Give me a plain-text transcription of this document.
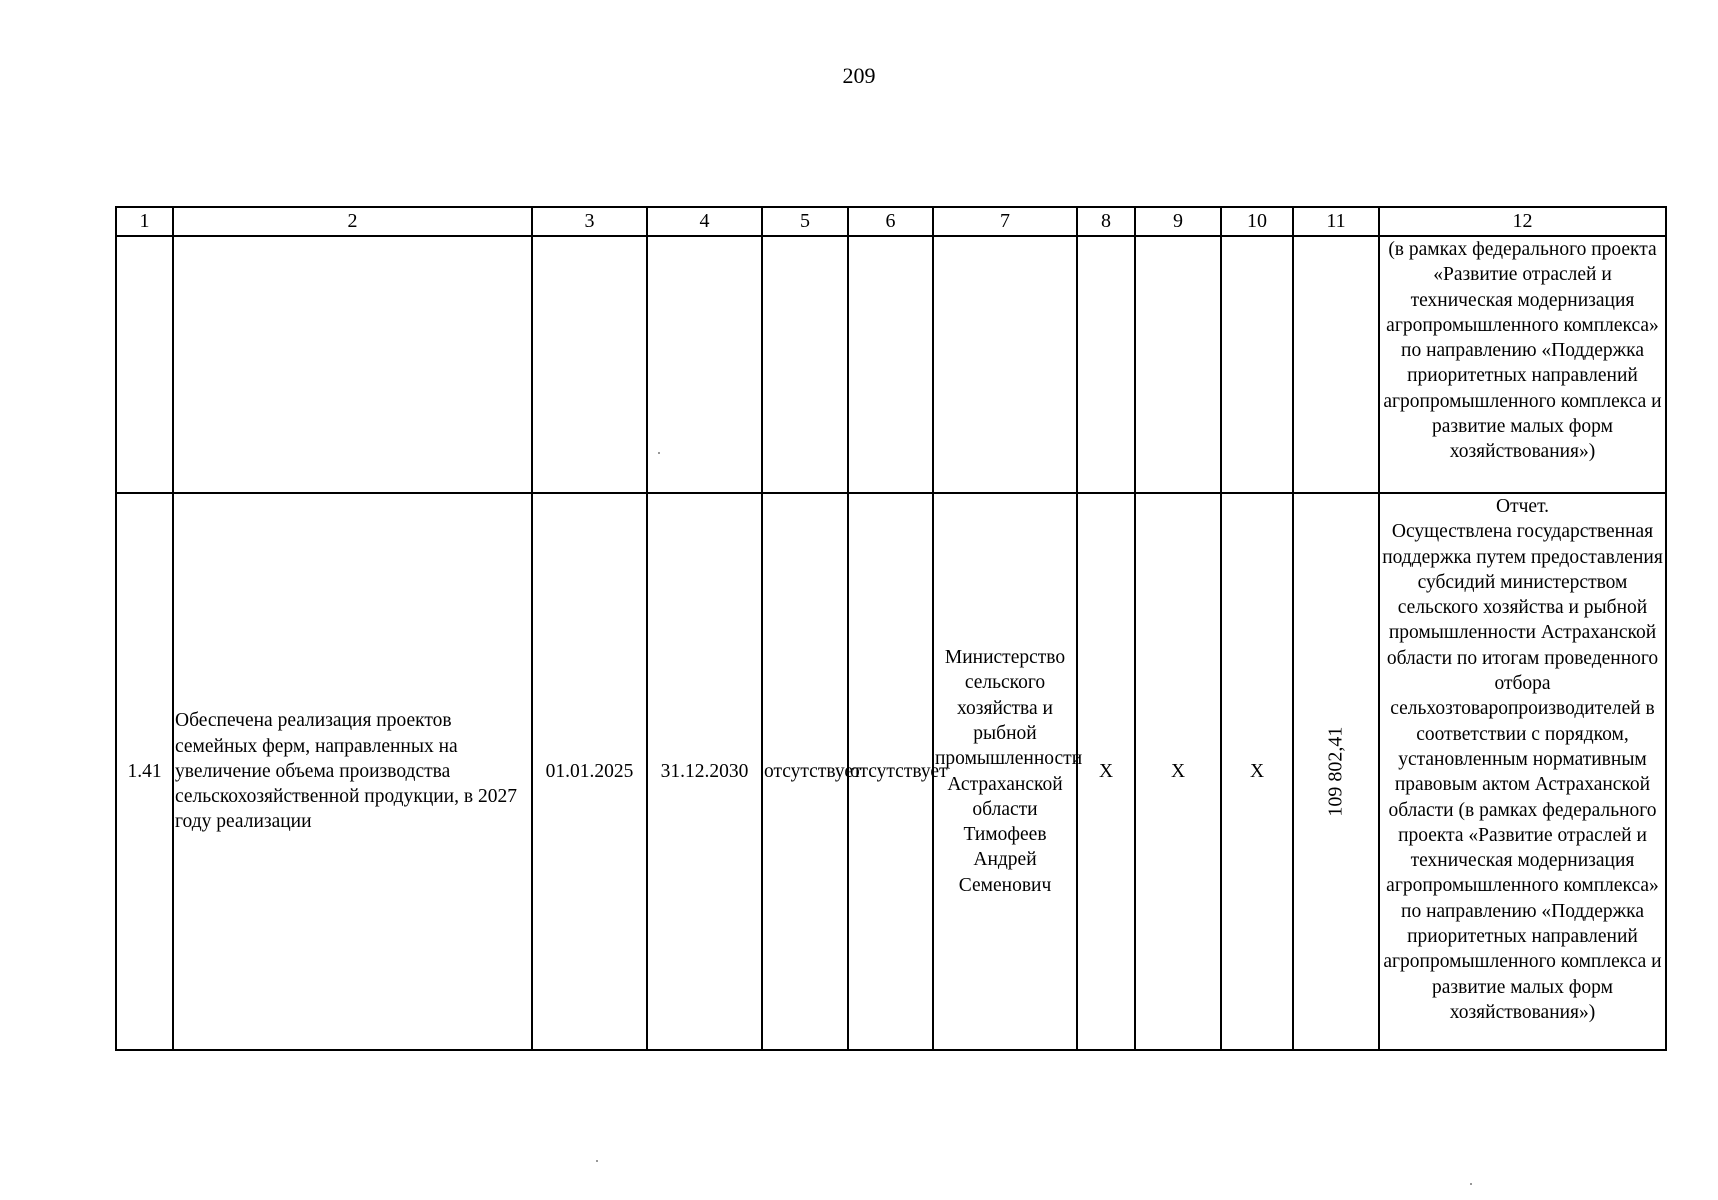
209
1	2	3	4	5	6	7	8	9	10	11	12
											(в рамках федерального проекта «Развитие отраслей и техническая модернизация агропромышленного комплекса» по направлению «Поддержка приоритетных направлений агропромышленного комплекса и развитие малых форм хозяйствования»)
1.41	Обеспечена реализация проектов семейных ферм, направленных на увеличение объема производства сельскохозяйственной продукции, в 2027 году реализации	01.01.2025	31.12.2030	отсутствует	отсутствует	Министерство сельского хозяйства и рыбной промышленности Астраханской области Тимофеев Андрей Семенович	X	X	X	109 802,41	Отчет.
Осуществлена государственная поддержка путем предоставления субсидий министерством сельского хозяйства и рыбной промышленности Астраханской области по итогам проведенного отбора сельхозтоваропроизводителей в соответствии с порядком, установленным нормативным правовым актом Астраханской области (в рамках федерального проекта «Развитие отраслей и техническая модернизация агропромышленного комплекса» по направлению «Поддержка приоритетных направлений агропромышленного комплекса и развитие малых форм хозяйствования»)
